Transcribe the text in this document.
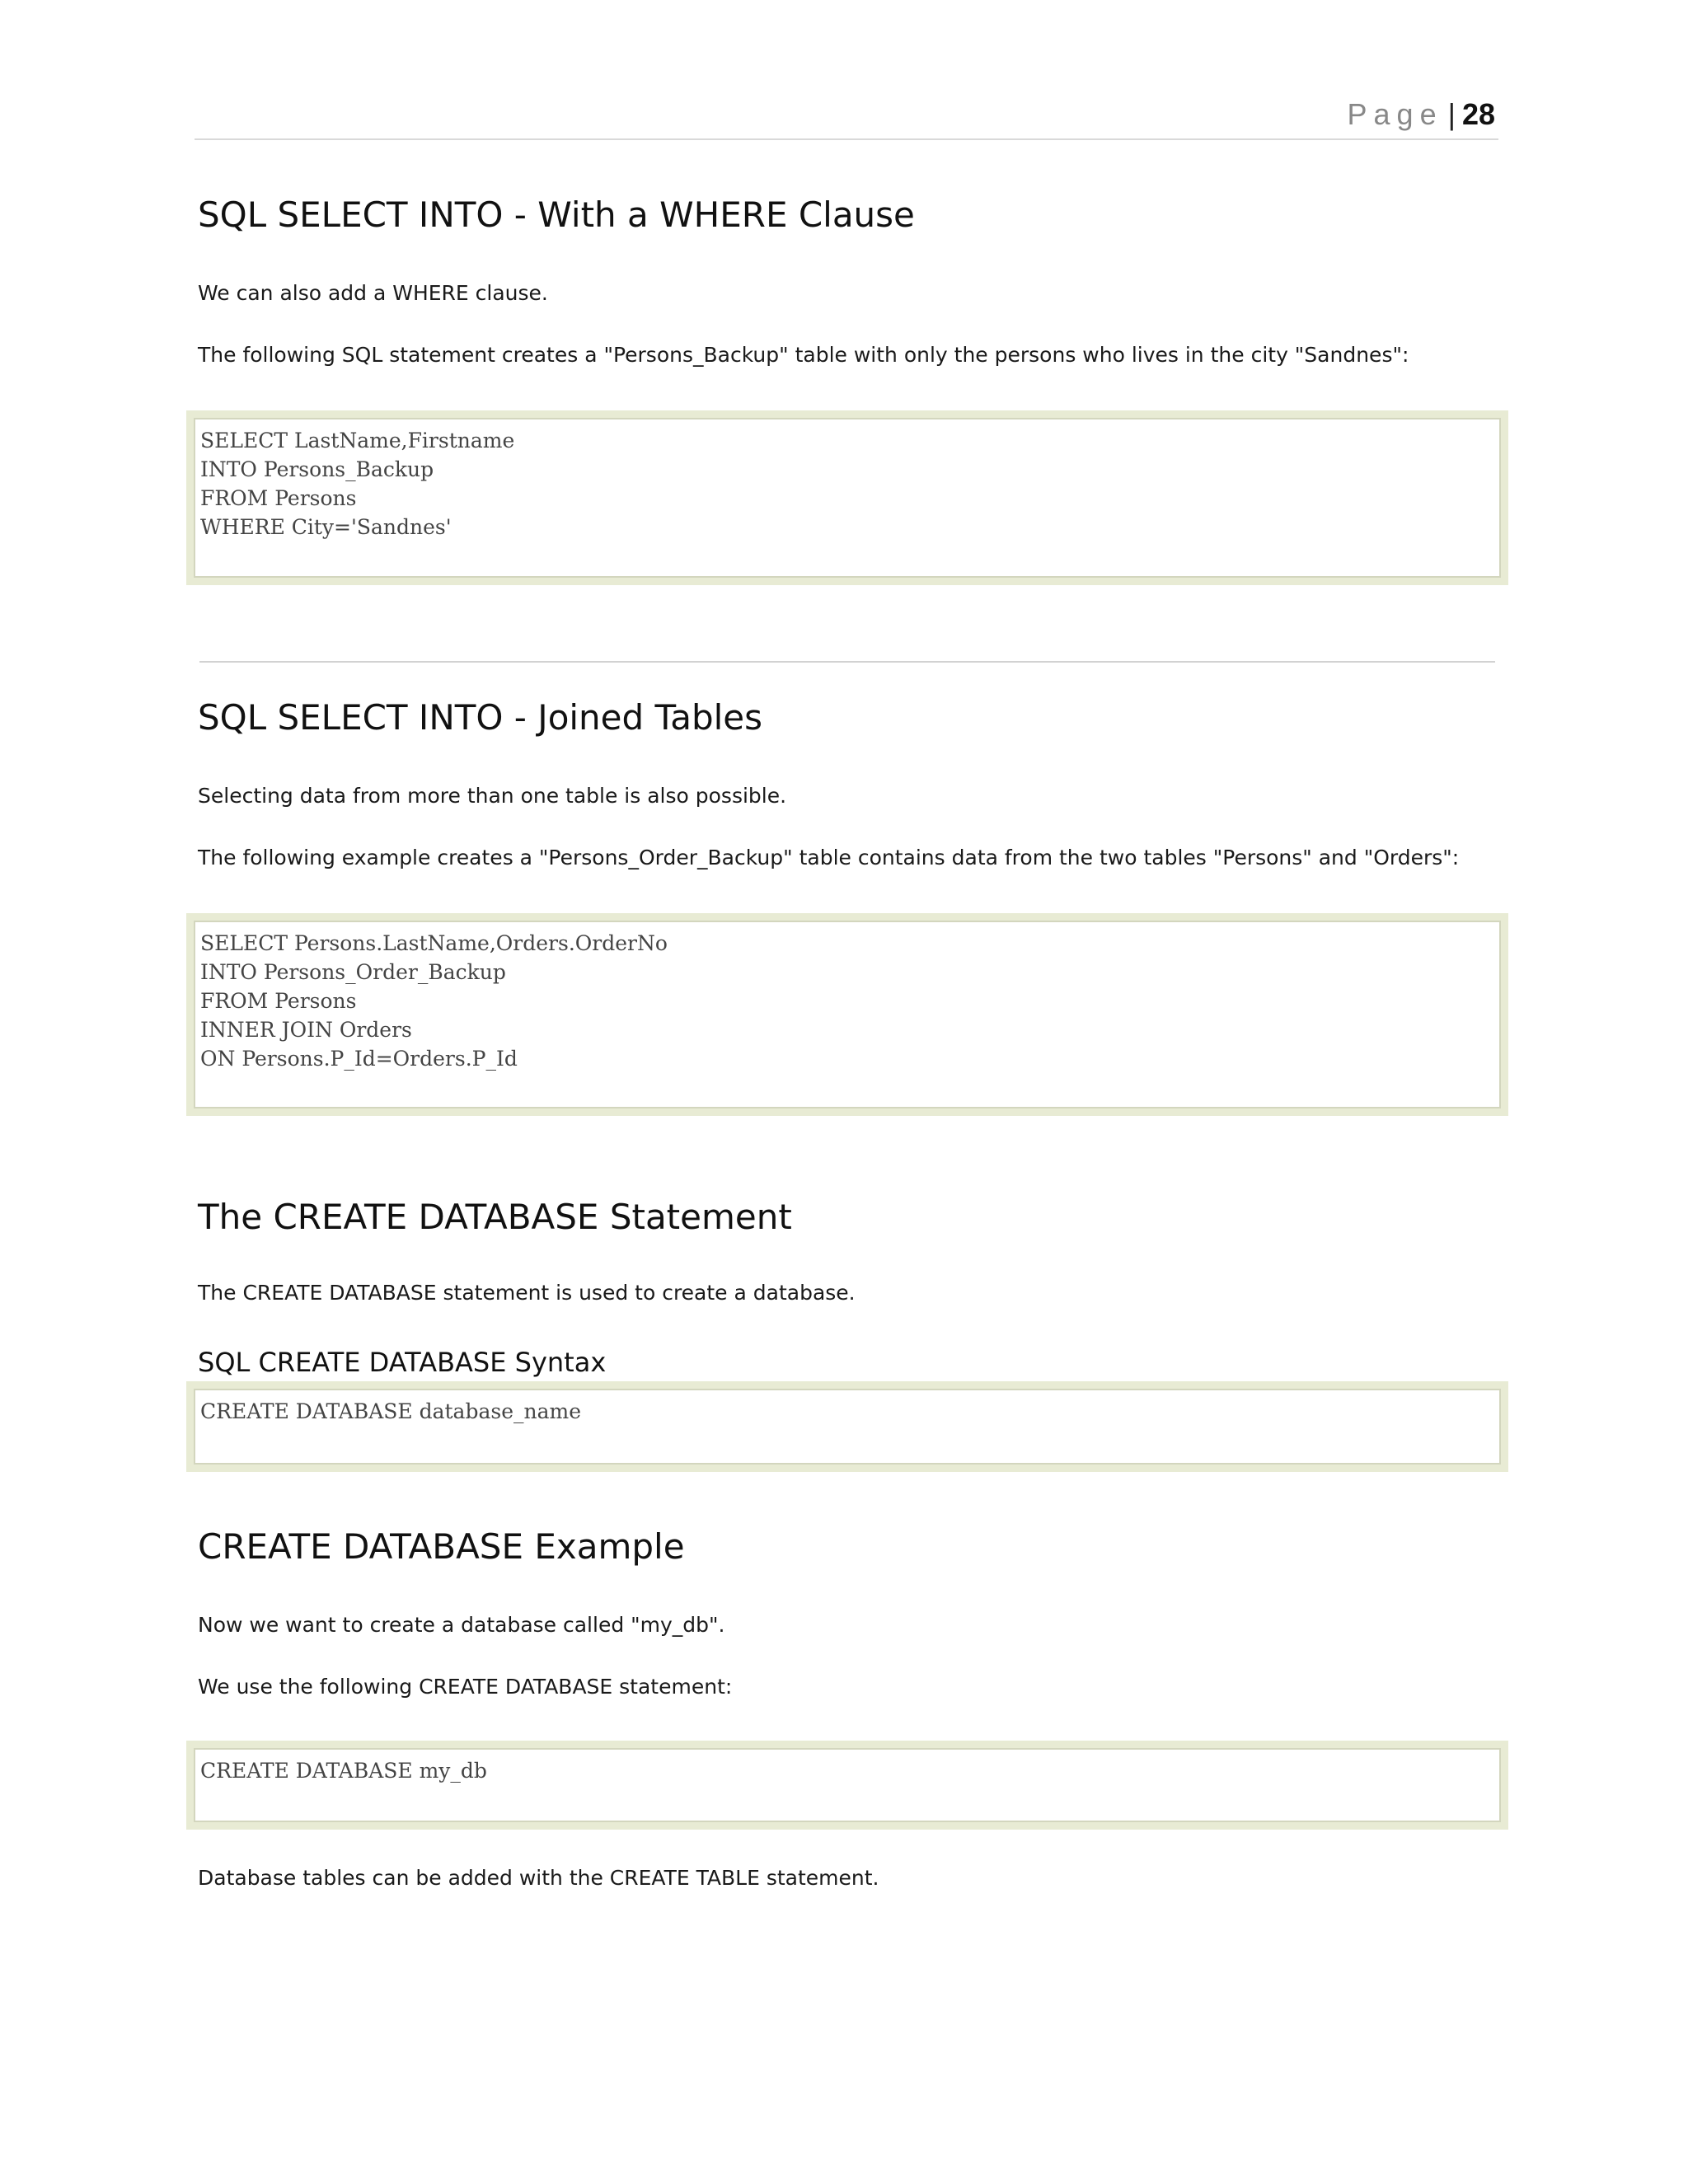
Page | 28
SQL SELECT INTO - With a WHERE Clause

We can also add a WHERE clause.

The following SQL statement creates a "Persons_Backup" table with only the persons who lives in the city "Sandnes":

SELECT LastName,Firstname
INTO Persons_Backup
FROM Persons
WHERE City='Sandnes'
SQL SELECT INTO - Joined Tables

Selecting data from more than one table is also possible.

The following example creates a "Persons_Order_Backup" table contains data from the two tables "Persons" and "Orders":

SELECT Persons.LastName,Orders.OrderNo
INTO Persons_Order_Backup
FROM Persons
INNER JOIN Orders
ON Persons.P_Id=Orders.P_Id
The CREATE DATABASE Statement

The CREATE DATABASE statement is used to create a database.

SQL CREATE DATABASE Syntax
CREATE DATABASE database_name
CREATE DATABASE Example

Now we want to create a database called "my_db".

We use the following CREATE DATABASE statement:

CREATE DATABASE my_db

Database tables can be added with the CREATE TABLE statement.
